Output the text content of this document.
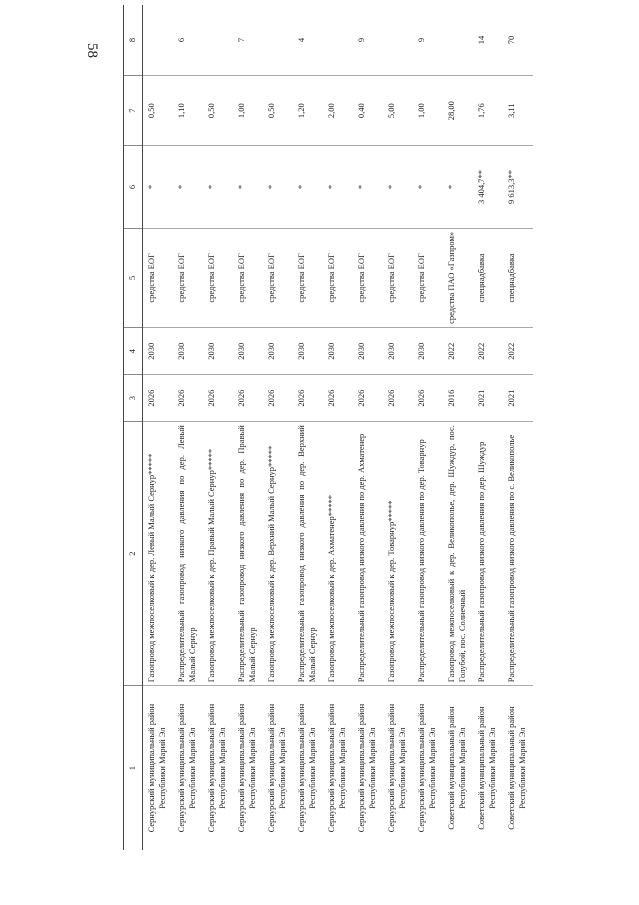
58
1	2	3	4	5	6	7	8
Сернурский муниципальный район Республики Марий Эл	Газопровод межпоселковый к дер. Левый Малый Сернур*****	2026	2030	средства ЕОГ	*	0,50	
Сернурский муниципальный район Республики Марий Эл	Распределительный газопровод низкого давления по дер. Левый Малый Сернур	2026	2030	средства ЕОГ	*	1,10	6
Сернурский муниципальный район Республики Марий Эл	Газопровод межпоселковый к дер. Правый Малый Сернур*****	2026	2030	средства ЕОГ	*	0,50	
Сернурский муниципальный район Республики Марий Эл	Распределительный газопровод низкого давления по дер. Правый Малый Сернур	2026	2030	средства ЕОГ	*	1,00	7
Сернурский муниципальный район Республики Марий Эл	Газопровод межпоселковый к дер. Верхний Малый Сернур*****	2026	2030	средства ЕОГ	*	0,50	
Сернурский муниципальный район Республики Марий Эл	Распределительный газопровод низкого давления по дер. Верхний Малый Сернур	2026	2030	средства ЕОГ	*	1,20	4
Сернурский муниципальный район Республики Марий Эл	Газопровод межпоселковый к дер. Ахматенер*****	2026	2030	средства ЕОГ	*	2,00	
Сернурский муниципальный район Республики Марий Эл	Распределительный газопровод низкого давления по дер. Ахматенер	2026	2030	средства ЕОГ	*	0,40	9
Сернурский муниципальный район Республики Марий Эл	Газопровод межпоселковый к дер. Товарнур*****	2026	2030	средства ЕОГ	*	5,00	
Сернурский муниципальный район Республики Марий Эл	Распределительный газопровод низкого давления по дер. Товарнур	2026	2030	средства ЕОГ	*	1,00	9
Советский муниципальный район Республики Марий Эл	Газопровод межпоселковый к дер. Великополье, дер. Шуждур, пос. Голубой, пос. Солнечный	2016	2022	средства ПАО «Газпром»	*	28,00	
Советский муниципальный район Республики Марий Эл	Распределительный газопровод низкого давления по дер. Шуждур	2021	2022	спецнадбавка	3 404,7**	1,76	14
Советский муниципальный район Республики Марий Эл	Распределительный газопровод низкого давления по с. Великополье	2021	2022	спецнадбавка	9 613,3**	3,11	70
